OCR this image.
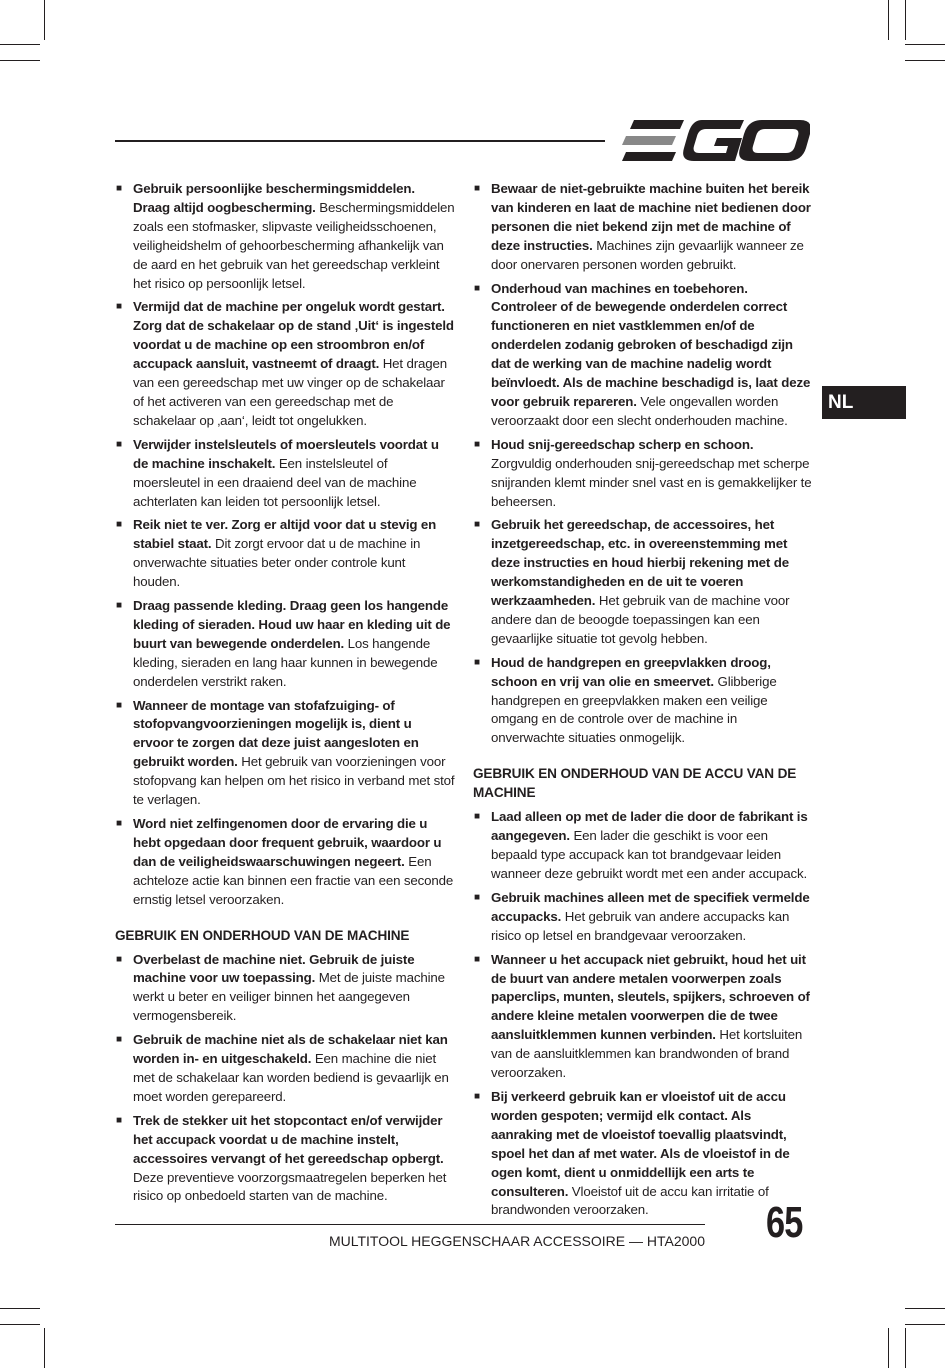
NL
■ Gebruik persoonlijke beschermingsmiddelen. Draag altijd oogbescherming. Beschermingsmiddelen zoals een stofmasker, slipvaste veiligheidsschoenen, veiligheidshelm of gehoorbescherming afhankelijk van de aard en het gebruik van het gereedschap verkleint het risico op persoonlijk letsel.
■ Vermijd dat de machine per ongeluk wordt gestart. Zorg dat de schakelaar op de stand ‚Uit‘ is ingesteld voordat u de machine op een stroombron en/of accupack aansluit, vastneemt of draagt. Het dragen van een gereedschap met uw vinger op de schakelaar of het activeren van een gereedschap met de schakelaar op ‚aan‘, leidt tot ongelukken.
■ Verwijder instelsleutels of moersleutels voordat u de machine inschakelt. Een instelsleutel of moersleutel in een draaiend deel van de machine achterlaten kan leiden tot persoonlijk letsel.
■ Reik niet te ver. Zorg er altijd voor dat u stevig en stabiel staat. Dit zorgt ervoor dat u de machine in onverwachte situaties beter onder controle kunt houden.
■ Draag passende kleding. Draag geen los hangende kleding of sieraden. Houd uw haar en kleding uit de buurt van bewegende onderdelen. Los hangende kleding, sieraden en lang haar kunnen in bewegende onderdelen verstrikt raken.
■ Wanneer de montage van stofafzuiging- of stofopvangvoorzieningen mogelijk is, dient u ervoor te zorgen dat deze juist aangesloten en gebruikt worden. Het gebruik van voorzieningen voor stofopvang kan helpen om het risico in verband met stof te verlagen.
■ Word niet zelfingenomen door de ervaring die u hebt opgedaan door frequent gebruik, waardoor u dan de veiligheidswaarschuwingen negeert. Een achteloze actie kan binnen een fractie van een seconde ernstig letsel veroorzaken.
GEBRUIK EN ONDERHOUD VAN DE MACHINE
■ Overbelast de machine niet. Gebruik de juiste machine voor uw toepassing. Met de juiste machine werkt u beter en veiliger binnen het aangegeven vermogensbereik.
■ Gebruik de machine niet als de schakelaar niet kan worden in- en uitgeschakeld. Een machine die niet met de schakelaar kan worden bediend is gevaarlijk en moet worden gerepareerd.
■ Trek de stekker uit het stopcontact en/of verwijder het accupack voordat u de machine instelt, accessoires vervangt of het gereedschap opbergt. Deze preventieve voorzorgsmaatregelen beperken het risico op onbedoeld starten van de machine.
■ Bewaar de niet-gebruikte machine buiten het bereik van kinderen en laat de machine niet bedienen door personen die niet bekend zijn met de machine of deze instructies. Machines zijn gevaarlijk wanneer ze door onervaren personen worden gebruikt.
■ Onderhoud van machines en toebehoren. Controleer of de bewegende onderdelen correct functioneren en niet vastklemmen en/of de onderdelen zodanig gebroken of beschadigd zijn dat de werking van de machine nadelig wordt beïnvloedt. Als de machine beschadigd is, laat deze voor gebruik repareren. Vele ongevallen worden veroorzaakt door een slecht onderhouden machine.
■ Houd snij-gereedschap scherp en schoon. Zorgvuldig onderhouden snij-gereedschap met scherpe snijranden klemt minder snel vast en is gemakkelijker te beheersen.
■ Gebruik het gereedschap, de accessoires, het inzetgereedschap, etc. in overeenstemming met deze instructies en houd hierbij rekening met de werkomstandigheden en de uit te voeren werkzaamheden. Het gebruik van de machine voor andere dan de beoogde toepassingen kan een gevaarlijke situatie tot gevolg hebben.
■ Houd de handgrepen en greepvlakken droog, schoon en vrij van olie en smeervet. Glibberige handgrepen en greepvlakken maken een veilige omgang en de controle over de machine in onverwachte situaties onmogelijk.
GEBRUIK EN ONDERHOUD VAN DE ACCU VAN DE MACHINE
■ Laad alleen op met de lader die door de fabrikant is aangegeven. Een lader die geschikt is voor een bepaald type accupack kan tot brandgevaar leiden wanneer deze gebruikt wordt met een ander accupack.
■ Gebruik machines alleen met de specifiek vermelde accupacks. Het gebruik van andere accupacks kan risico op letsel en brandgevaar veroorzaken.
■ Wanneer u het accupack niet gebruikt, houd het uit de buurt van andere metalen voorwerpen zoals paperclips, munten, sleutels, spijkers, schroeven of andere kleine metalen voorwerpen die de twee aansluitklemmen kunnen verbinden. Het kortsluiten van de aansluitklemmen kan brandwonden of brand veroorzaken.
■ Bij verkeerd gebruik kan er vloeistof uit de accu worden gespoten; vermijd elk contact. Als aanraking met de vloeistof toevallig plaatsvindt, spoel het dan af met water. Als de vloeistof in de ogen komt, dient u onmiddellijk een arts te consulteren. Vloeistof uit de accu kan irritatie of brandwonden veroorzaken.
MULTITOOL HEGGENSCHAAR ACCESSOIRE — HTA2000 65
